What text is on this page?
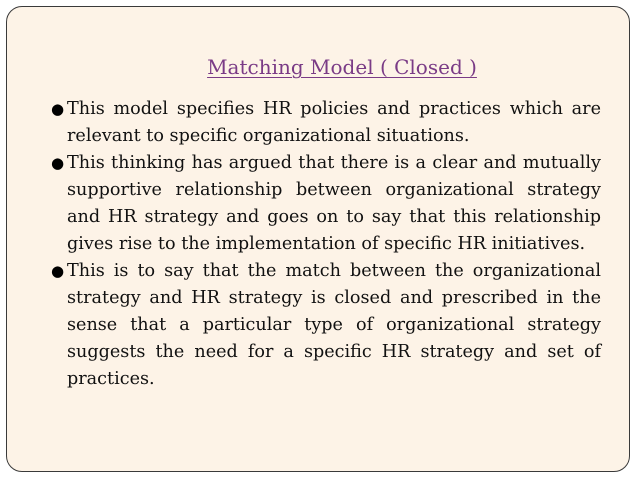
Matching Model ( Closed )
● This model specifies HR policies and practices which are relevant to specific organizational situations.
● This thinking has argued that there is a clear and mutually supportive relationship between organizational strategy and HR strategy and goes on to say that this relationship gives rise to the implementation of specific HR initiatives.
● This is to say that the match between the organizational strategy and HR strategy is closed and prescribed in the sense that a particular type of organizational strategy suggests the need for a specific HR strategy and set of practices.
